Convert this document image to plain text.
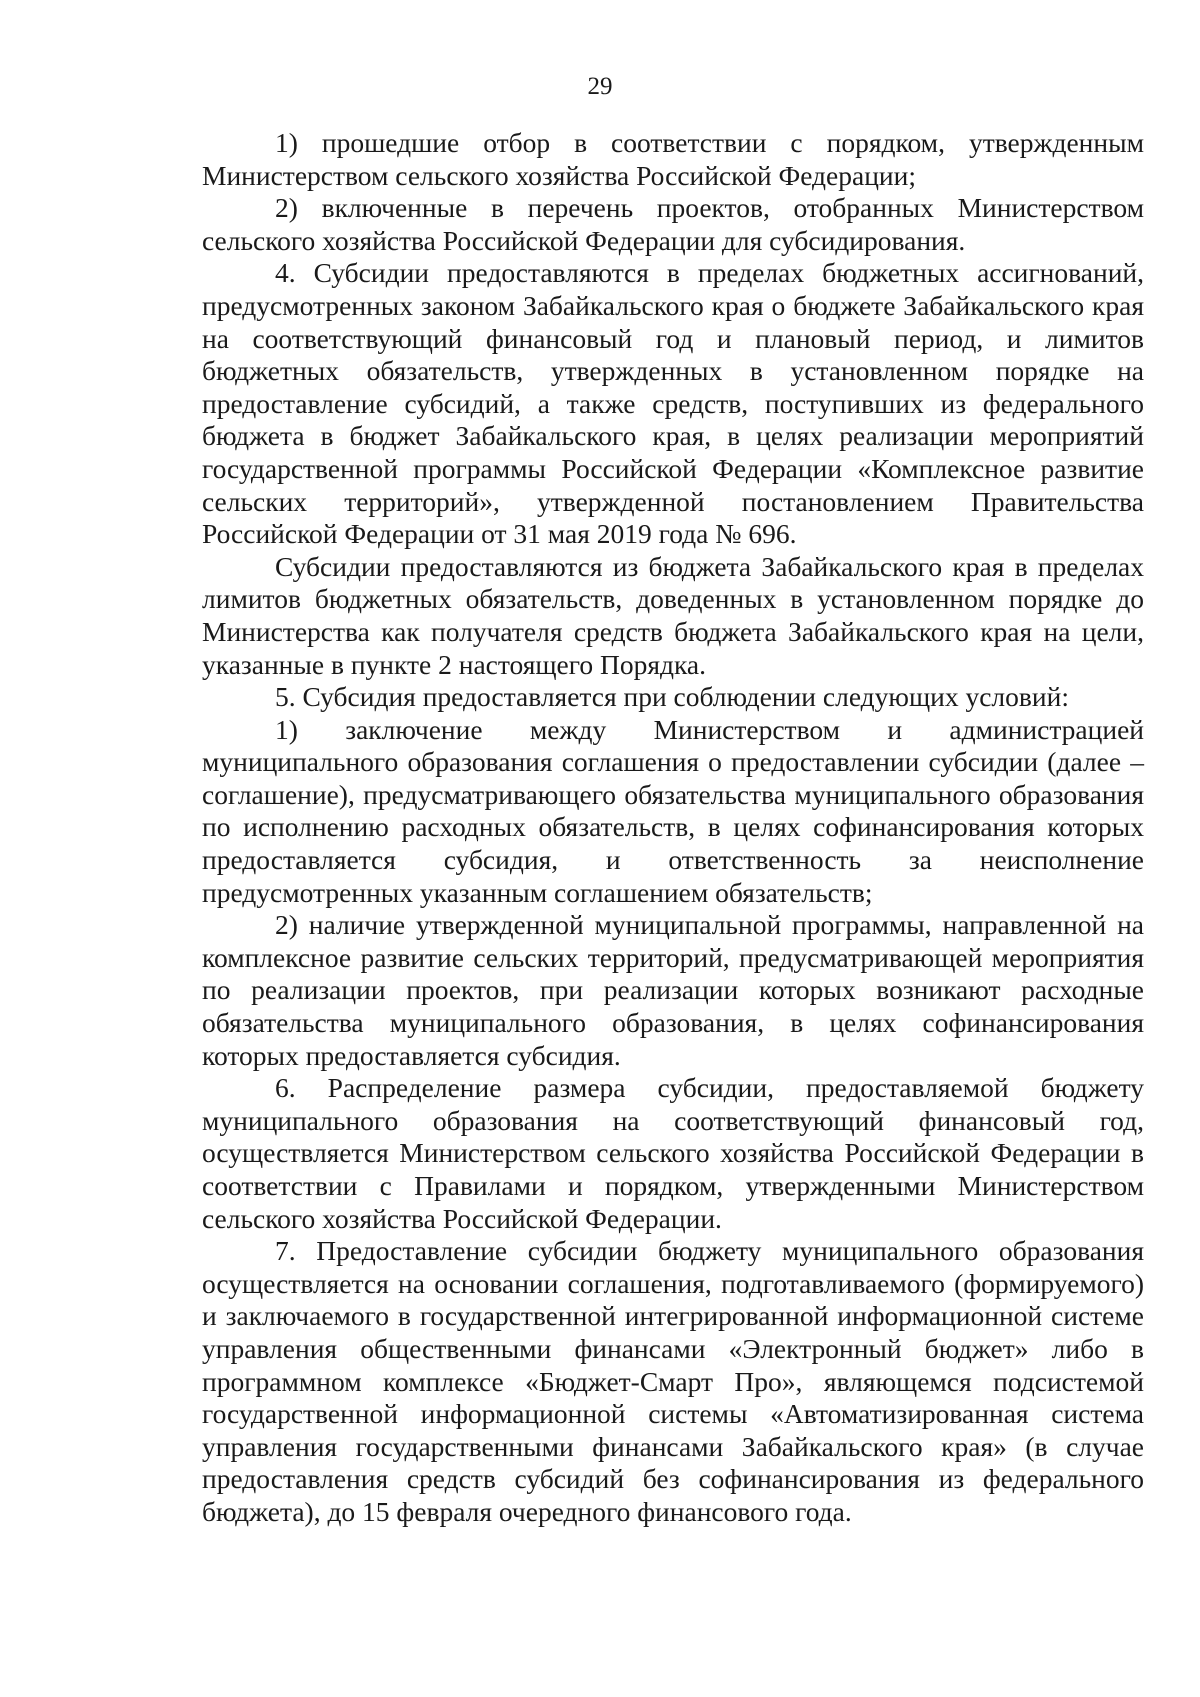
29

1) прошедшие отбор в соответствии с порядком, утвержденным Министерством сельского хозяйства Российской Федерации;

2) включенные в перечень проектов, отобранных Министерством сельского хозяйства Российской Федерации для субсидирования.

4. Субсидии предоставляются в пределах бюджетных ассигнований, предусмотренных законом Забайкальского края о бюджете Забайкальского края на соответствующий финансовый год и плановый период, и лимитов бюджетных обязательств, утвержденных в установленном порядке на предоставление субсидий, а также средств, поступивших из федерального бюджета в бюджет Забайкальского края, в целях реализации мероприятий государственной программы Российской Федерации «Комплексное развитие сельских территорий», утвержденной постановлением Правительства Российской Федерации от 31 мая 2019 года № 696.

Субсидии предоставляются из бюджета Забайкальского края в пределах лимитов бюджетных обязательств, доведенных в установленном порядке до Министерства как получателя средств бюджета Забайкальского края на цели, указанные в пункте 2 настоящего Порядка.

5. Субсидия предоставляется при соблюдении следующих условий:

1) заключение между Министерством и администрацией муниципального образования соглашения о предоставлении субсидии (далее – соглашение), предусматривающего обязательства муниципального образования по исполнению расходных обязательств, в целях софинансирования которых предоставляется субсидия, и ответственность за неисполнение предусмотренных указанным соглашением обязательств;

2) наличие утвержденной муниципальной программы, направленной на комплексное развитие сельских территорий, предусматривающей мероприятия по реализации проектов, при реализации которых возникают расходные обязательства муниципального образования, в целях софинансирования которых предоставляется субсидия.

6. Распределение размера субсидии, предоставляемой бюджету муниципального образования на соответствующий финансовый год, осуществляется Министерством сельского хозяйства Российской Федерации в соответствии с Правилами и порядком, утвержденными Министерством сельского хозяйства Российской Федерации.

7. Предоставление субсидии бюджету муниципального образования осуществляется на основании соглашения, подготавливаемого (формируемого) и заключаемого в государственной интегрированной информационной системе управления общественными финансами «Электронный бюджет» либо в программном комплексе «Бюджет-Смарт Про», являющемся подсистемой государственной информационной системы «Автоматизированная система управления государственными финансами Забайкальского края» (в случае предоставления средств субсидий без софинансирования из федерального бюджета), до 15 февраля очередного финансового года.
